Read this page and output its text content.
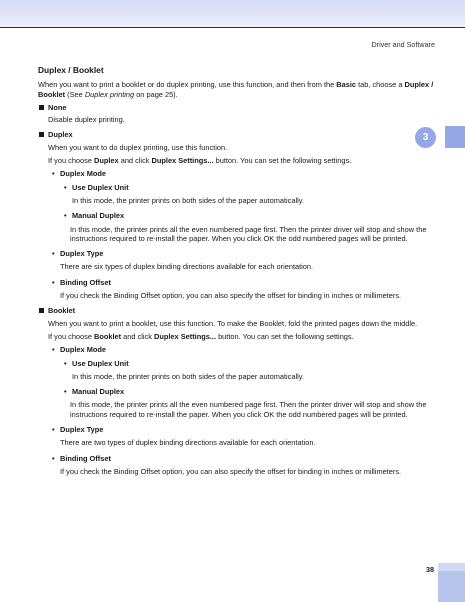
Driver and Software
3
Duplex / Booklet

When you want to print a booklet or do duplex printing, use this function, and then from the Basic tab, choose a Duplex / Booklet (See Duplex printing on page 25).

None

Disable duplex printing.

Duplex

When you want to do duplex printing, use this function.

If you choose Duplex and click Duplex Settings... button. You can set the following settings.

• Duplex Mode
• Use Duplex Unit

In this mode, the printer prints on both sides of the paper automatically.

• Manual Duplex

In this mode, the printer prints all the even numbered page first. Then the printer driver will stop and show the instructions required to re-install the paper. When you click OK the odd numbered pages will be printed.

• Duplex Type

There are six types of duplex binding directions available for each orientation.

• Binding Offset

If you check the Binding Offset option, you can also specify the offset for binding in inches or millimeters.

Booklet

When you want to print a booklet, use this function. To make the Booklet, fold the printed pages down the middle.

If you choose Booklet and click Duplex Settings... button. You can set the following settings.

• Duplex Mode
• Use Duplex Unit

In this mode, the printer prints on both sides of the paper automatically.

• Manual Duplex

In this mode, the printer prints all the even numbered page first. Then the printer driver will stop and show the instructions required to re-install the paper. When you click OK the odd numbered pages will be printed.

• Duplex Type

There are two types of duplex binding directions available for each orientation.

• Binding Offset

If you check the Binding Offset option, you can also specify the offset for binding in inches or millimeters.

38
